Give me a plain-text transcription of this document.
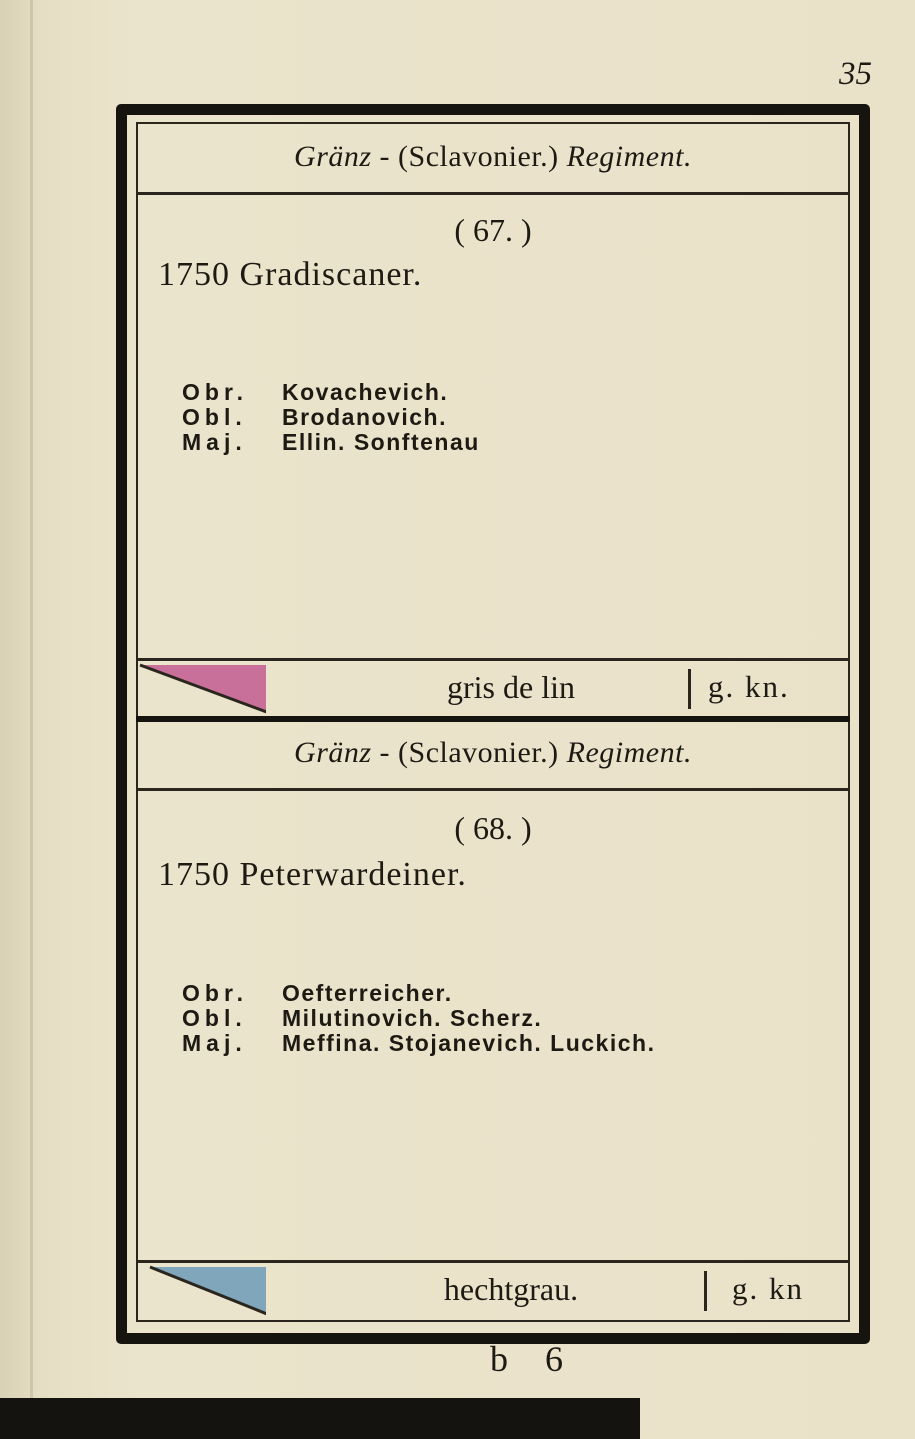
35
Gränz - (Sclavonier.) Regiment.
( 67. )
1750 Gradiscaner.
Obr. Kovachevich.
Obl. Brodanovich.
Maj. Ellin. Sonftenau
gris de lin	g. kn.
Gränz - (Sclavonier.) Regiment.
( 68. )
1750 Peterwardeiner.
Obr. Oefterreicher.
Obl. Milutinovich. Scherz.
Maj. Meffina. Stojanevich. Luckich.
hechtgrau.	g. kn
b 6
